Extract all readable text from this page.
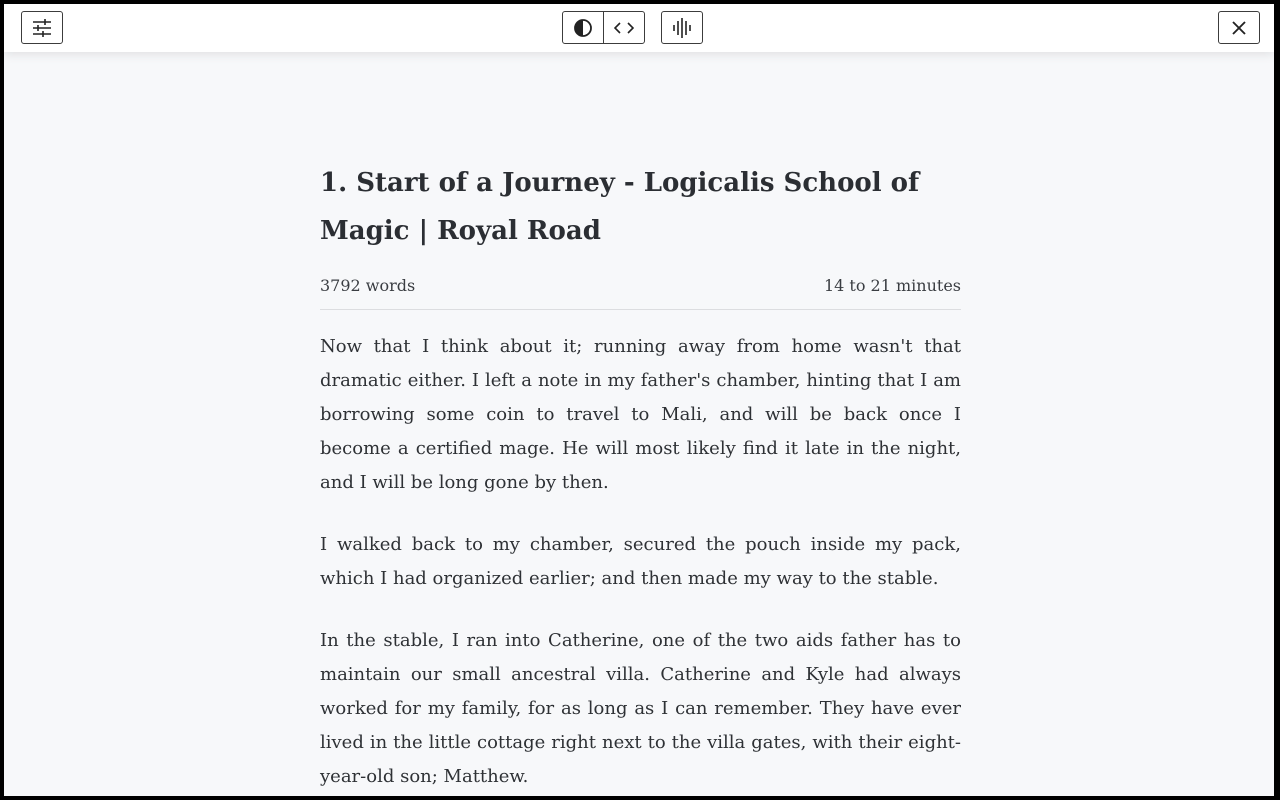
1. Start of a Journey - Logicalis School of Magic | Royal Road
3792 words	14 to 21 minutes

Now that I think about it; running away from home wasn't that dramatic either. I left a note in my father's chamber, hinting that I am borrowing some coin to travel to Mali, and will be back once I become a certified mage. He will most likely find it late in the night, and I will be long gone by then.

I walked back to my chamber, secured the pouch inside my pack, which I had organized earlier; and then made my way to the stable.

In the stable, I ran into Catherine, one of the two aids father has to maintain our small ancestral villa. Catherine and Kyle had always worked for my family, for as long as I can remember. They have ever lived in the little cottage right next to the villa gates, with their eight-year-old son; Matthew.
